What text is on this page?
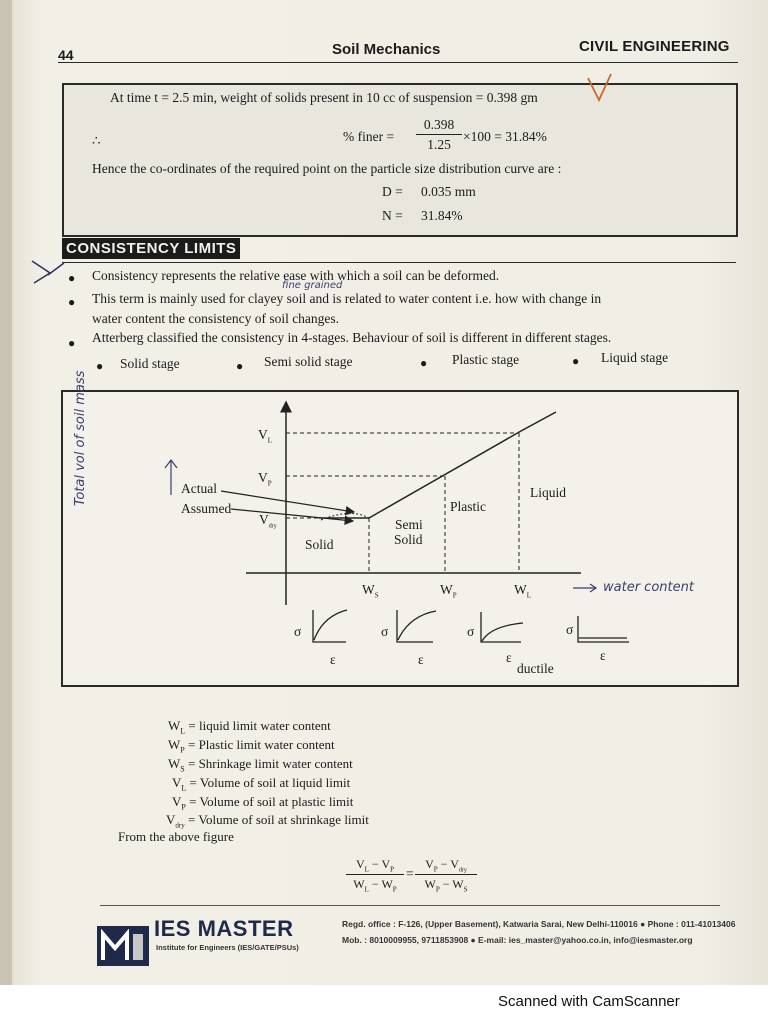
44	Soil Mechanics	CIVIL ENGINEERING
At time t = 2.5 min, weight of solids present in 10 cc of suspension = 0.398 gm
∴	% finer = $\frac{0.398}{1.25} \times 100 = 31.84\%$
Hence the co-ordinates of the required point on the particle size distribution curve are :
D = 0.035 mm
N = 31.84%
CONSISTENCY LIMITS
● Consistency represents the relative ease with which a soil can be deformed.
fine grained
● This term is mainly used for clayey soil and is related to water content i.e. how with change in
water content the consistency of soil changes.
● Atterberg classified the consistency in 4-stages. Behaviour of soil is different in different stages.
● Solid stage	● Semi solid stage	● Plastic stage	● Liquid stage
$V_L$
$V_P$
$V_{dry}$
Actual
Assumed
Solid
Semi
Solid
Plastic
Liquid
$W_S$	$W_P$	$W_L$
water content
Total vol of soil mass
σ	σ	σ	σ
ε	ε	ε	ε
ductile
$W_L$ = liquid limit water content
$W_P$ = Plastic limit water content
$W_S$ = Shrinkage limit water content
$V_L$ = Volume of soil at liquid limit
$V_P$ = Volume of soil at plastic limit
$V_{dry}$ = Volume of soil at shrinkage limit
From the above figure
$\frac{V_L - V_P}{W_L - W_P}$ =
$V_P - V_{dry}$
$W_P - W_S$
IES MASTER
Institute for Engineers (IES/GATE/PSUs)
Regd. office : F-126, (Upper Basement), Katwaria Sarai, New Delhi-110016 ● Phone : 011-41013406
Mob. : 8010009955, 9711853908 ● E-mail: ies_master@yahoo.co.in, info@iesmaster.org
Scanned with CamScanner
